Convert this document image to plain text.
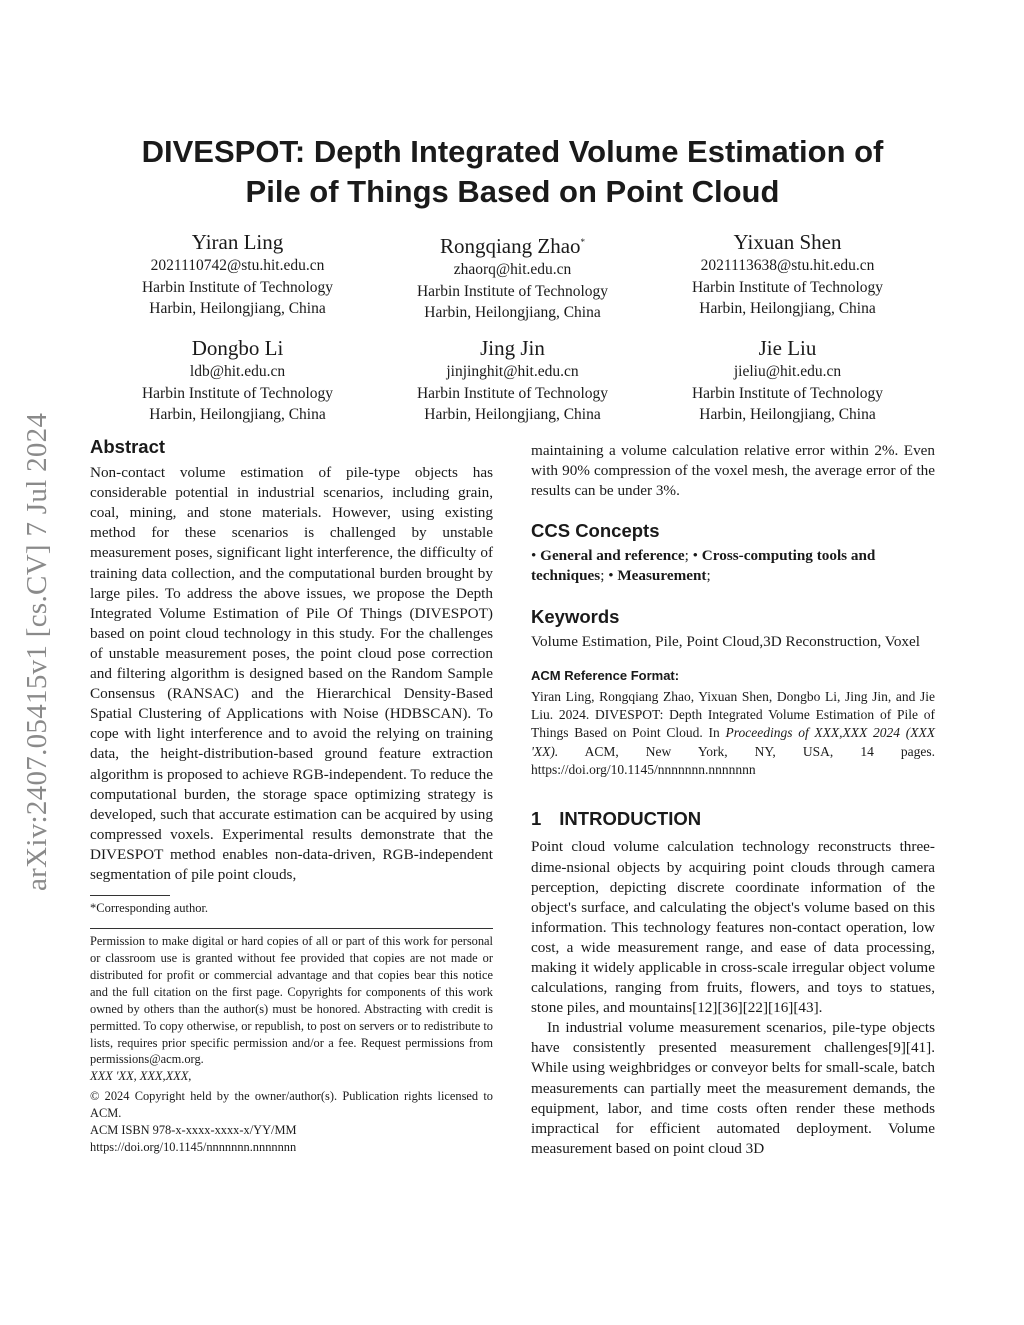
arXiv:2407.05415v1 [cs.CV] 7 Jul 2024
DIVESPOT: Depth Integrated Volume Estimation of
Pile of Things Based on Point Cloud
Yiran Ling
2021110742@stu.hit.edu.cn
Harbin Institute of Technology
Harbin, Heilongjiang, China
Rongqiang Zhao*
zhaorq@hit.edu.cn
Harbin Institute of Technology
Harbin, Heilongjiang, China
Yixuan Shen
2021113638@stu.hit.edu.cn
Harbin Institute of Technology
Harbin, Heilongjiang, China
Dongbo Li
ldb@hit.edu.cn
Harbin Institute of Technology
Harbin, Heilongjiang, China
Jing Jin
jinjinghit@hit.edu.cn
Harbin Institute of Technology
Harbin, Heilongjiang, China
Jie Liu
jieliu@hit.edu.cn
Harbin Institute of Technology
Harbin, Heilongjiang, China
Abstract

Non-contact volume estimation of pile-type objects has considerable potential in industrial scenarios, including grain, coal, mining, and stone materials. However, using existing method for these scenarios is challenged by unstable measurement poses, significant light interference, the difficulty of training data collection, and the computational burden brought by large piles. To address the above issues, we propose the Depth Integrated Volume Estimation of Pile Of Things (DIVESPOT) based on point cloud technology in this study. For the challenges of unstable measurement poses, the point cloud pose correction and filtering algorithm is designed based on the Random Sample Consensus (RANSAC) and the Hierarchical Density-Based Spatial Clustering of Applications with Noise (HDBSCAN). To cope with light interference and to avoid the relying on training data, the height-distribution-based ground feature extraction algorithm is proposed to achieve RGB-independent. To reduce the computational burden, the storage space optimizing strategy is developed, such that accurate estimation can be acquired by using compressed voxels. Experimental results demonstrate that the DIVESPOT method enables non-data-driven, RGB-independent segmentation of pile point clouds,

*Corresponding author.

Permission to make digital or hard copies of all or part of this work for personal or classroom use is granted without fee provided that copies are not made or distributed for profit or commercial advantage and that copies bear this notice and the full citation on the first page. Copyrights for components of this work owned by others than the author(s) must be honored. Abstracting with credit is permitted. To copy otherwise, or republish, to post on servers or to redistribute to lists, requires prior specific permission and/or a fee. Request permissions from permissions@acm.org.

XXX 'XX, XXX,XXX,

© 2024 Copyright held by the owner/author(s). Publication rights licensed to ACM.

ACM ISBN 978-x-xxxx-xxxx-x/YY/MM

https://doi.org/10.1145/nnnnnnn.nnnnnnn

maintaining a volume calculation relative error within 2%. Even with 90% compression of the voxel mesh, the average error of the results can be under 3%.

CCS Concepts

• General and reference; • Cross-computing tools and techniques; • Measurement;

Keywords

Volume Estimation, Pile, Point Cloud,3D Reconstruction, Voxel

ACM Reference Format:

Yiran Ling, Rongqiang Zhao, Yixuan Shen, Dongbo Li, Jing Jin, and Jie Liu. 2024. DIVESPOT: Depth Integrated Volume Estimation of Pile of Things Based on Point Cloud. In Proceedings of XXX,XXX 2024 (XXX 'XX). ACM, New York, NY, USA, 14 pages. https://doi.org/10.1145/nnnnnnn.nnnnnnn

1 INTRODUCTION

Point cloud volume calculation technology reconstructs three-dime-nsional objects by acquiring point clouds through camera perception, depicting discrete coordinate information of the object's surface, and calculating the object's volume based on this information. This technology features non-contact operation, low cost, a wide measurement range, and ease of data processing, making it widely applicable in cross-scale irregular object volume calculations, ranging from fruits, flowers, and toys to statues, stone piles, and mountains[12][36][22][16][43].

In industrial volume measurement scenarios, pile-type objects have consistently presented measurement challenges[9][41]. While using weighbridges or conveyor belts for small-scale, batch measurements can partially meet the measurement demands, the equipment, labor, and time costs often render these methods impractical for efficient automated deployment. Volume measurement based on point cloud 3D
